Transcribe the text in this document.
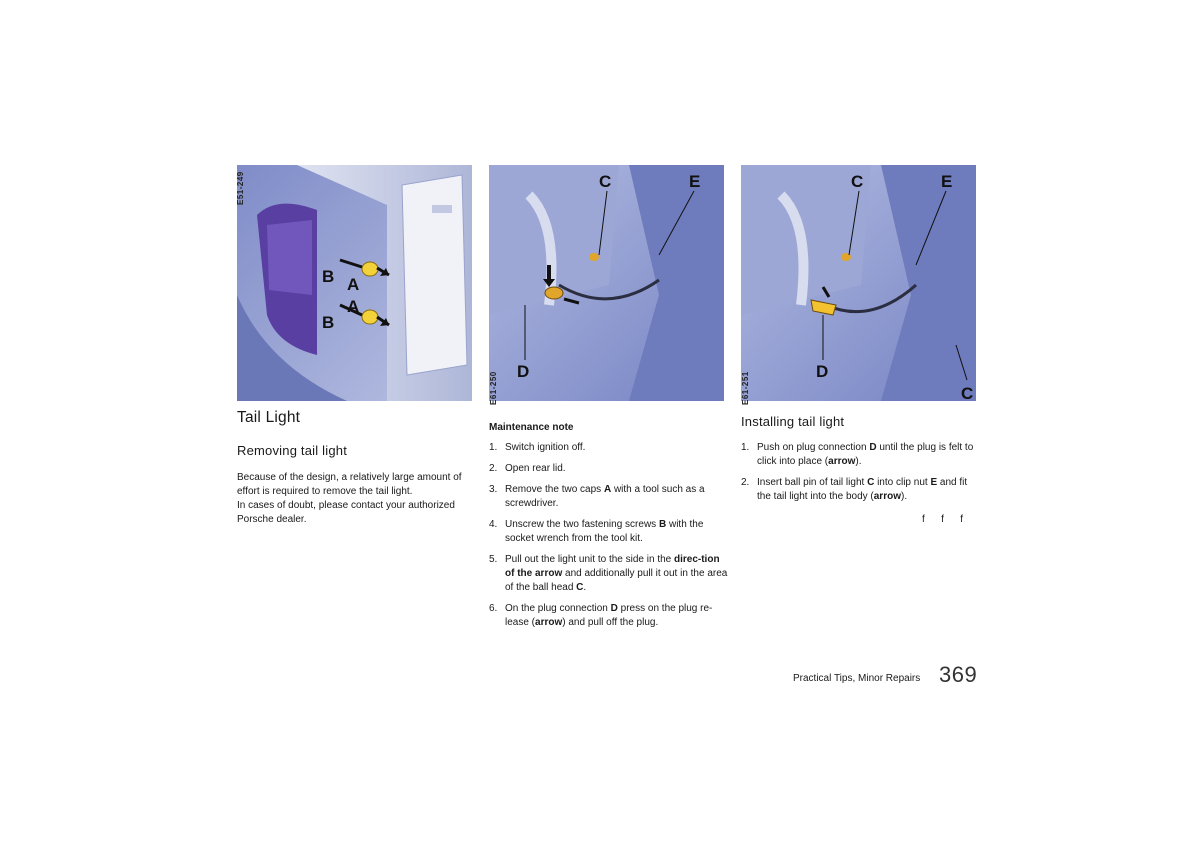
B A
B
A
E51-249	C	E
D
E61-250
C	E
D
C
E61-251
Tail Light
Removing tail light

Because of the design, a relatively large amount of effort is required to remove the tail light.

In cases of doubt, please contact your authorized Porsche dealer.

Maintenance note
1. Switch ignition off.
2. Open rear lid.
3. Remove the two caps A with a tool such as a screwdriver.
4. Unscrew the two fastening screws B with the socket wrench from the tool kit.
5. Pull out the light unit to the side in the direc-tion of the arrow and additionally pull it out in the area of the ball head C.
6. On the plug connection D press on the plug re-lease (arrow) and pull off the plug.
Installing tail light
1. Push on plug connection D until the plug is felt to click into place (arrow).
2. Insert ball pin of tail light C into clip nut E and fit the tail light into the body (arrow).
f   f   f
Practical Tips, Minor Repairs 369
